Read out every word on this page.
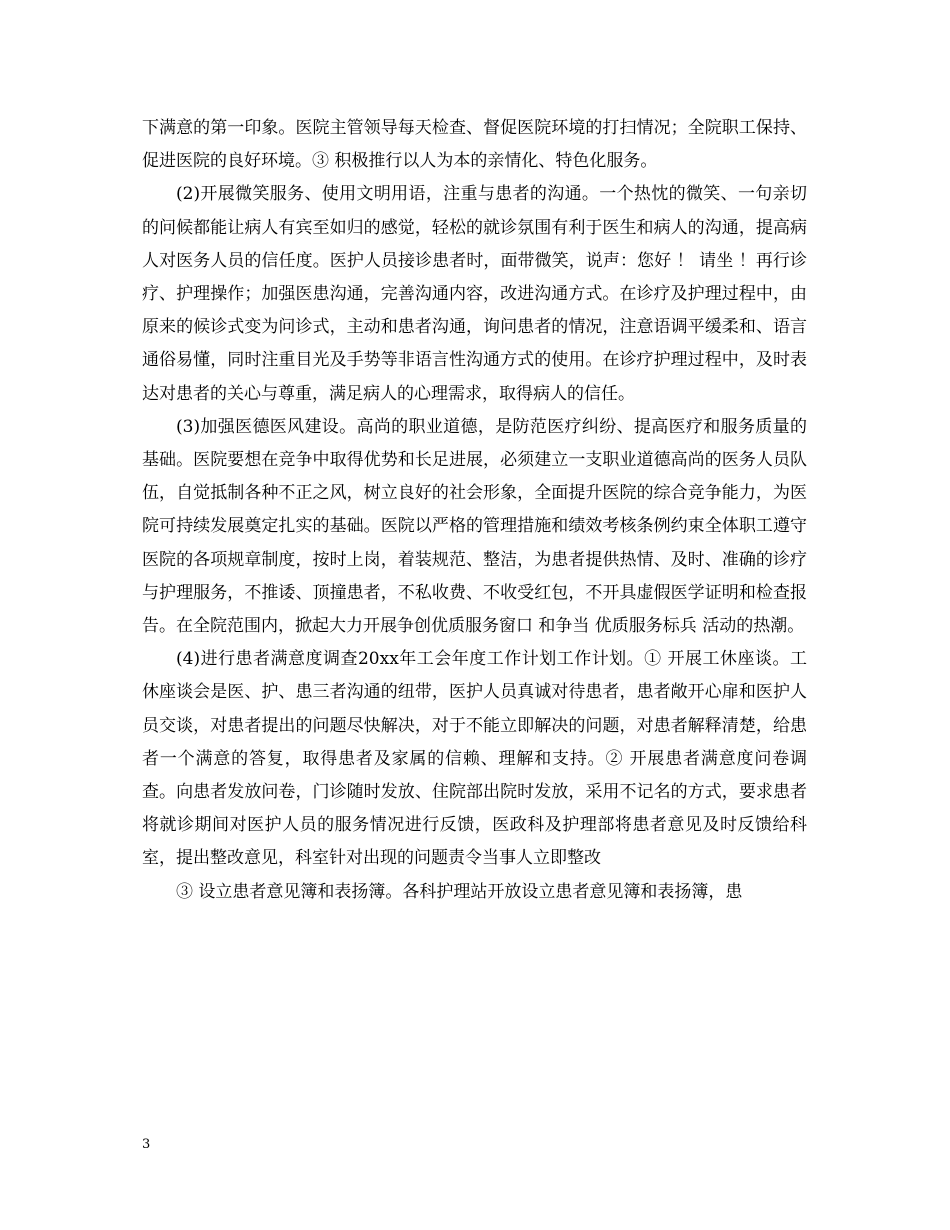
下满意的第一印象。医院主管领导每天检查、督促医院环境的打扫情况；全院职工保持、促进医院的良好环境。③ 积极推行以人为本的亲情化、特色化服务。

(2)开展微笑服务、使用文明用语，注重与患者的沟通。一个热忱的微笑、一句亲切的问候都能让病人有宾至如归的感觉，轻松的就诊氛围有利于医生和病人的沟通，提高病人对医务人员的信任度。医护人员接诊患者时，面带微笑，说声：您好 ！ 请坐 ！再行诊疗、护理操作；加强医患沟通，完善沟通内容，改进沟通方式。在诊疗及护理过程中，由原来的候诊式变为问诊式，主动和患者沟通，询问患者的情况，注意语调平缓柔和、语言通俗易懂，同时注重目光及手势等非语言性沟通方式的使用。在诊疗护理过程中，及时表达对患者的关心与尊重，满足病人的心理需求，取得病人的信任。

(3)加强医德医风建设。高尚的职业道德，是防范医疗纠纷、提高医疗和服务质量的基础。医院要想在竞争中取得优势和长足进展，必须建立一支职业道德高尚的医务人员队伍，自觉抵制各种不正之风，树立良好的社会形象，全面提升医院的综合竞争能力，为医院可持续发展奠定扎实的基础。医院以严格的管理措施和绩效考核条例约束全体职工遵守医院的各项规章制度，按时上岗，着装规范、整洁，为患者提供热情、及时、准确的诊疗与护理服务，不推诿、顶撞患者，不私收费、不收受红包，不开具虚假医学证明和检查报告。在全院范围内，掀起大力开展争创优质服务窗口 和争当 优质服务标兵 活动的热潮。

(4)进行患者满意度调查20xx年工会年度工作计划工作计划。① 开展工休座谈。工休座谈会是医、护、患三者沟通的纽带，医护人员真诚对待患者，患者敞开心扉和医护人员交谈，对患者提出的问题尽快解决，对于不能立即解决的问题，对患者解释清楚，给患者一个满意的答复，取得患者及家属的信赖、理解和支持。② 开展患者满意度问卷调查。向患者发放问卷，门诊随时发放、住院部出院时发放，采用不记名的方式，要求患者将就诊期间对医护人员的服务情况进行反馈，医政科及护理部将患者意见及时反馈给科室，提出整改意见，科室针对出现的问题责令当事人立即整改

③ 设立患者意见簿和表扬簿。各科护理站开放设立患者意见簿和表扬簿，患

3
